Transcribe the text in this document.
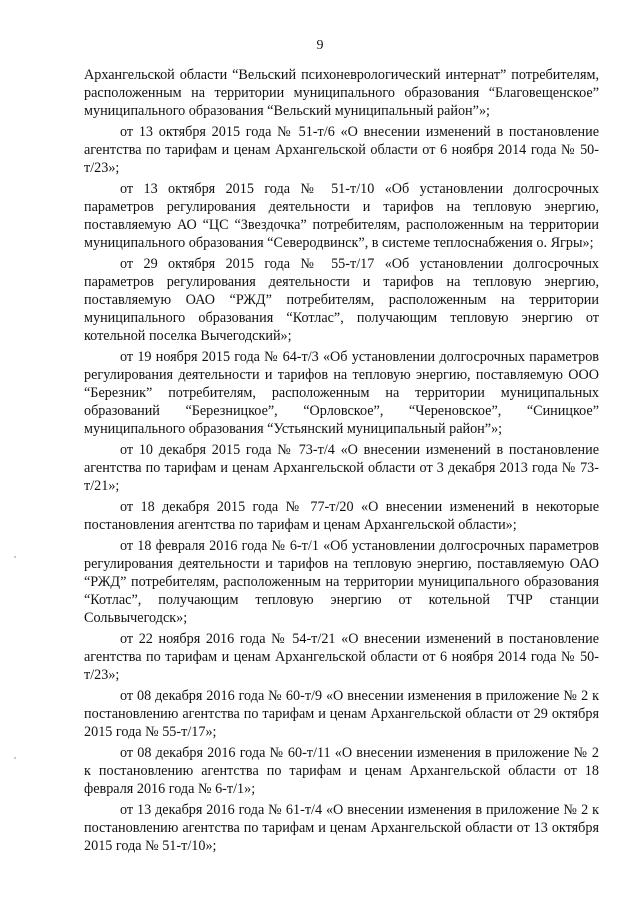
9

Архангельской области “Вельский психоневрологический интернат” потребителям, расположенным на территории муниципального образования “Благовещенское” муниципального образования “Вельский муниципальный район”»;

от 13 октября 2015 года № 51-т/6 «О внесении изменений в постановление агентства по тарифам и ценам Архангельской области от 6 ноября 2014 года № 50-т/23»;

от 13 октября 2015 года № 51-т/10 «Об установлении долгосрочных параметров регулирования деятельности и тарифов на тепловую энергию, поставляемую АО “ЦС “Звездочка” потребителям, расположенным на территории муниципального образования “Северодвинск”, в системе теплоснабжения о. Ягры»;

от 29 октября 2015 года № 55-т/17 «Об установлении долгосрочных параметров регулирования деятельности и тарифов на тепловую энергию, поставляемую ОАО “РЖД” потребителям, расположенным на территории муниципального образования “Котлас”, получающим тепловую энергию от котельной поселка Вычегодский»;

от 19 ноября 2015 года № 64-т/3 «Об установлении долгосрочных параметров регулирования деятельности и тарифов на тепловую энергию, поставляемую ООО “Березник” потребителям, расположенным на территории муниципальных образований “Березницкое”, “Орловское”, “Череновское”, “Синицкое” муниципального образования “Устьянский муниципальный район”»;

от 10 декабря 2015 года № 73-т/4 «О внесении изменений в постановление агентства по тарифам и ценам Архангельской области от 3 декабря 2013 года № 73-т/21»;

от 18 декабря 2015 года № 77-т/20 «О внесении изменений в некоторые постановления агентства по тарифам и ценам Архангельской области»;

от 18 февраля 2016 года № 6-т/1 «Об установлении долгосрочных параметров регулирования деятельности и тарифов на тепловую энергию, поставляемую ОАО “РЖД” потребителям, расположенным на территории муниципального образования “Котлас”, получающим тепловую энергию от котельной ТЧР станции Сольвычегодск»;

от 22 ноября 2016 года № 54-т/21 «О внесении изменений в постановление агентства по тарифам и ценам Архангельской области от 6 ноября 2014 года № 50-т/23»;

от 08 декабря 2016 года № 60-т/9 «О внесении изменения в приложение № 2 к постановлению агентства по тарифам и ценам Архангельской области от 29 октября 2015 года № 55-т/17»;

от 08 декабря 2016 года № 60-т/11 «О внесении изменения в приложение № 2 к постановлению агентства по тарифам и ценам Архангельской области от 18 февраля 2016 года № 6-т/1»;

от 13 декабря 2016 года № 61-т/4 «О внесении изменения в приложение № 2 к постановлению агентства по тарифам и ценам Архангельской области от 13 октября 2015 года № 51-т/10»;
